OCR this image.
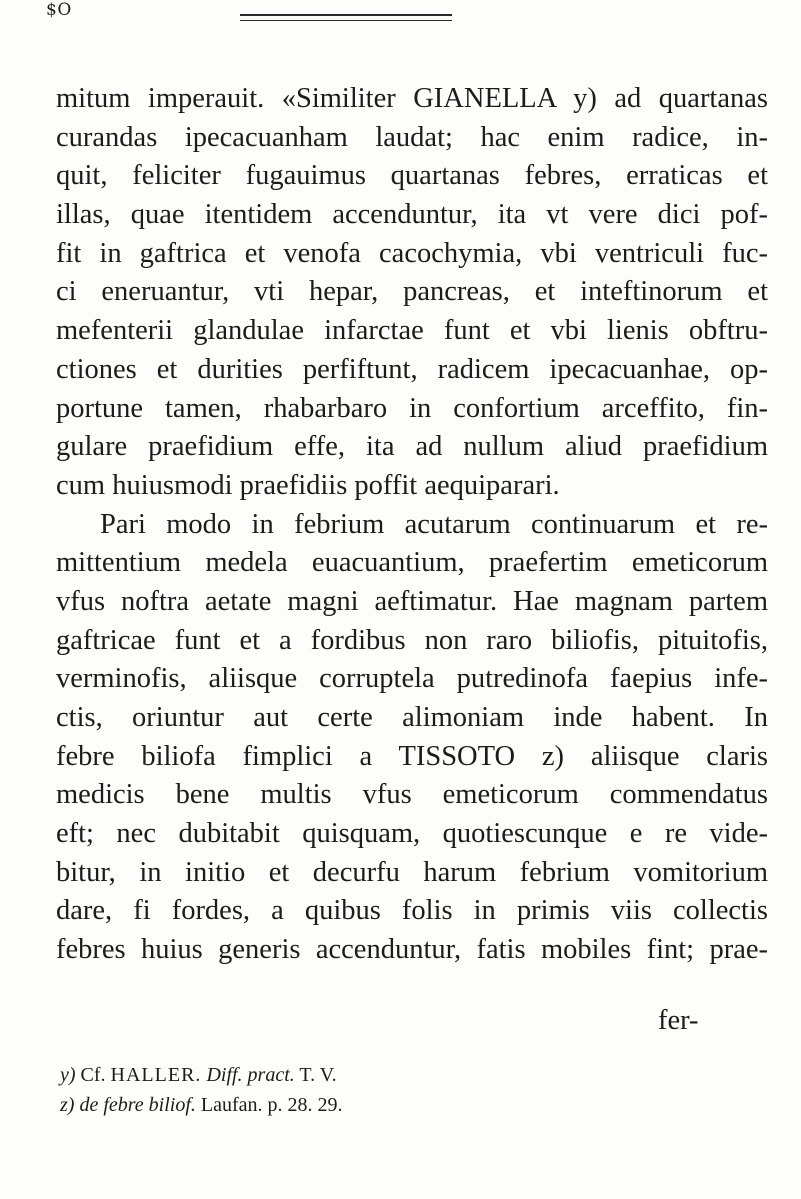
$O
mitum imperauit. «Similiter GIANELLA y) ad quartanas
curandas ipecacuanham laudat; hac enim radice, in-
quit, feliciter fugauimus quartanas febres, erraticas et
illas, quae itentidem accenduntur, ita vt vere dici pof-
fit in gaftrica et venofa cacochymia, vbi ventriculi fuc-
ci eneruantur, vti hepar, pancreas, et inteftinorum et
mefenterii glandulae infarctae funt et vbi lienis obftru-
ctiones et durities perfiftunt, radicem ipecacuanhae, op-
portune tamen, rhabarbaro in confortium arceffito, fin-
gulare praefidium effe, ita ad nullum aliud praefidium
cum huiusmodi praefidiis poffit aequiparari.
Pari modo in febrium acutarum continuarum et re-
mittentium medela euacuantium, praefertim emeticorum
vfus noftra aetate magni aeftimatur. Hae magnam partem
gaftricae funt et a fordibus non raro biliofis, pituitofis,
verminofis, aliisque corruptela putredinofa faepius infe-
ctis, oriuntur aut certe alimoniam inde habent. In
febre biliofa fimplici a TISSOTO z) aliisque claris
medicis bene multis vfus emeticorum commendatus
eft; nec dubitabit quisquam, quotiescunque e re vide-
bitur, in initio et decurfu harum febrium vomitorium
dare, fi fordes, a quibus folis in primis viis collectis
febres huius generis accenduntur, fatis mobiles fint; prae-
fer-
y) Cf. HALLER. Diff. pract. T. V.
z) de febre biliof. Laufan. p. 28. 29.
